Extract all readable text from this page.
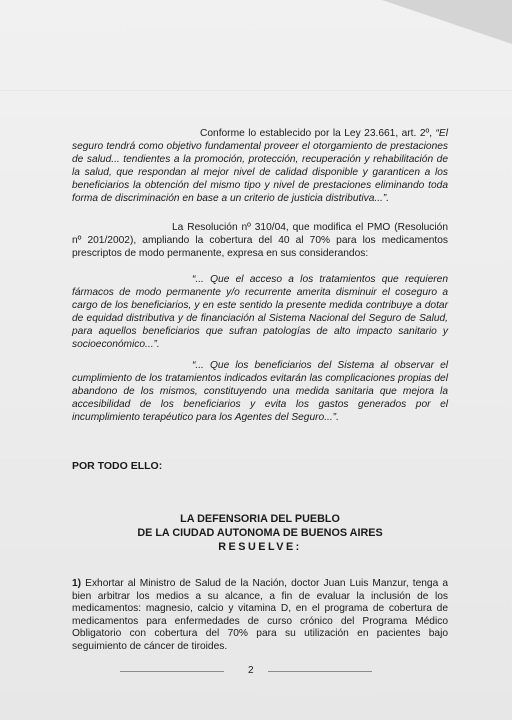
Conforme lo establecido por la Ley 23.661, art. 2º, “El seguro tendrá como objetivo fundamental proveer el otorgamiento de prestaciones de salud... tendientes a la promoción, protección, recuperación y rehabilitación de la salud, que respondan al mejor nivel de calidad disponible y garanticen a los beneficiarios la obtención del mismo tipo y nivel de prestaciones eliminando toda forma de discriminación en base a un criterio de justicia distributiva...”.
La Resolución nº 310/04, que modifica el PMO (Resolución nº 201/2002), ampliando la cobertura del 40 al 70% para los medicamentos prescriptos de modo permanente, expresa en sus considerandos:
“... Que el acceso a los tratamientos que requieren fármacos de modo permanente y/o recurrente amerita disminuir el coseguro a cargo de los beneficiarios, y en este sentido la presente medida contribuye a dotar de equidad distributiva y de financiación al Sistema Nacional del Seguro de Salud, para aquellos beneficiarios que sufran patologías de alto impacto sanitario y socioeconómico...”.
“... Que los beneficiarios del Sistema al observar el cumplimiento de los tratamientos indicados evitarán las complicaciones propias del abandono de los mismos, constituyendo una medida sanitaria que mejora la accesibilidad de los beneficiarios y evita los gastos generados por el incumplimiento terapéutico para los Agentes del Seguro...”.
POR TODO ELLO:
LA DEFENSORIA DEL PUEBLO
DE LA CIUDAD AUTONOMA DE BUENOS AIRES
RESUELVE:
1) Exhortar al Ministro de Salud de la Nación, doctor Juan Luis Manzur, tenga a bien arbitrar los medios a su alcance, a fin de evaluar la inclusión de los medicamentos: magnesio, calcio y vitamina D, en el programa de cobertura de medicamentos para enfermedades de curso crónico del Programa Médico Obligatorio con cobertura del 70% para su utilización en pacientes bajo seguimiento de cáncer de tiroides.
2
